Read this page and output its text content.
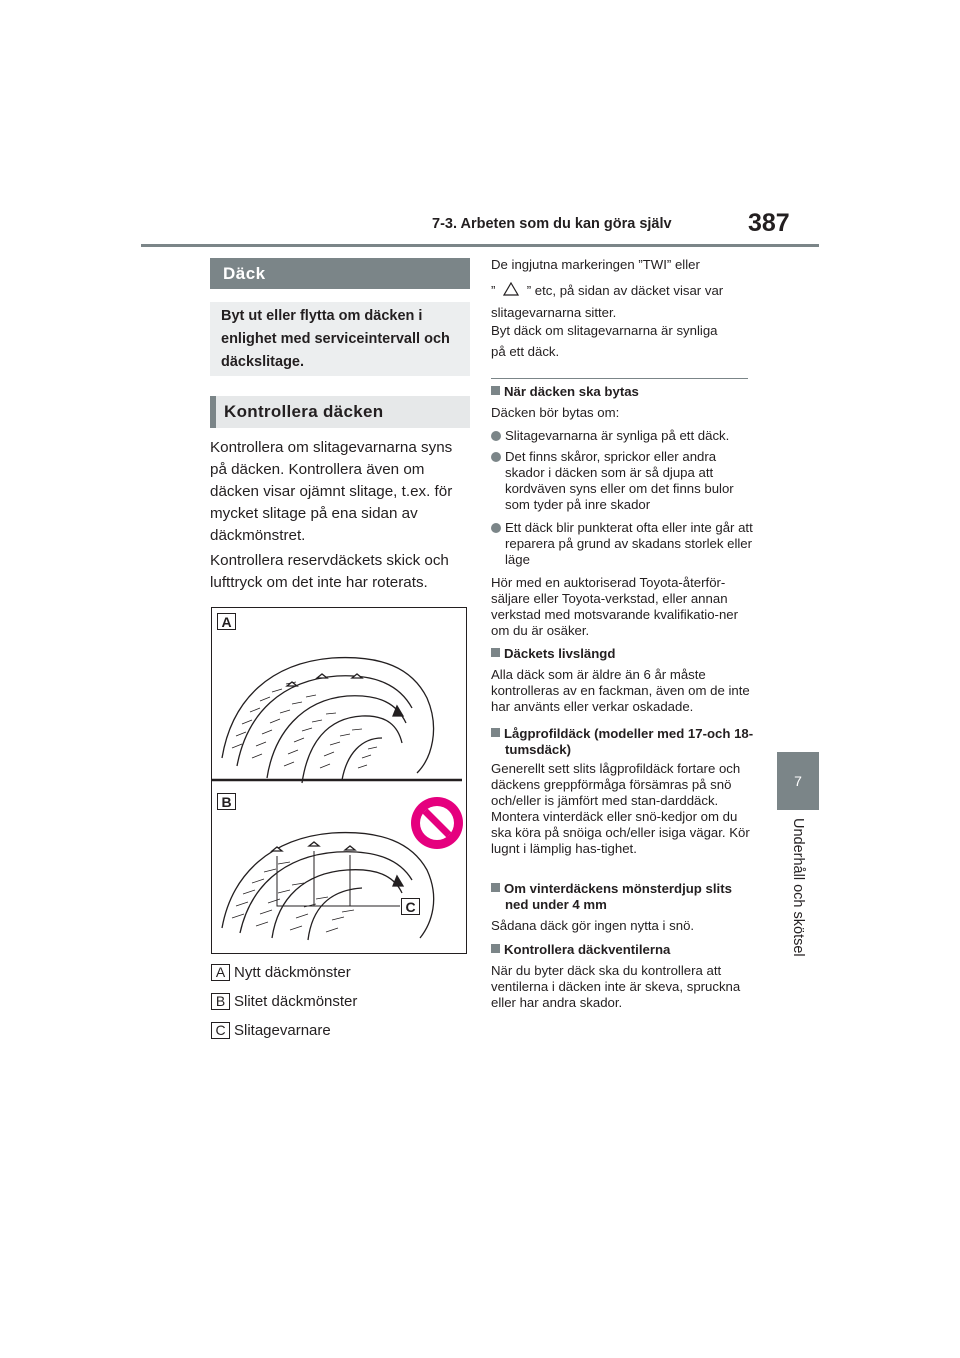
7-3. Arbeten som du kan göra själv	387
7
Underhåll och skötsel
Däck
Byt ut eller flytta om däcken i enlighet med serviceintervall och däckslitage.
Kontrollera däcken
Kontrollera om slitagevarnarna syns på däcken. Kontrollera även om däcken visar ojämnt slitage, t.ex. för mycket slitage på ena sidan av däckmönstret.
Kontrollera reservdäckets skick och lufttryck om det inte har roterats.
A
B
C
A Nytt däckmönster
B Slitet däckmönster
C Slitagevarnare
De ingjutna markeringen ”TWI” eller
” ” etc, på sidan av däcket visar var
slitagevarnarna sitter.
Byt däck om slitagevarnarna är synliga
på ett däck.
När däcken ska bytas
Däcken bör bytas om:
Slitagevarnarna är synliga på ett däck.
Det finns skåror, sprickor eller andra skador i däcken som är så djupa att kordväven syns eller om det finns bulor som tyder på inre skador
Ett däck blir punkterat ofta eller inte går att reparera på grund av skadans storlek eller läge
Hör med en auktoriserad Toyota-återför-säljare eller Toyota-verkstad, eller annan verkstad med motsvarande kvalifikatio-ner om du är osäker.
Däckets livslängd
Alla däck som är äldre än 6 år måste kontrolleras av en fackman, även om de inte har använts eller verkar oskadade.
Lågprofildäck (modeller med 17-och 18-tumsdäck)
Generellt sett slits lågprofildäck fortare och däckens greppförmåga försämras på snö och/eller is jämfört med stan-darddäck. Montera vinterdäck eller snö-kedjor om du ska köra på snöiga och/eller isiga vägar. Kör lugnt i lämplig has-tighet.
Om vinterdäckens mönsterdjup slits ned under 4 mm
Sådana däck gör ingen nytta i snö.
Kontrollera däckventilerna
När du byter däck ska du kontrollera att ventilerna i däcken inte är skeva, spruckna eller har andra skador.
